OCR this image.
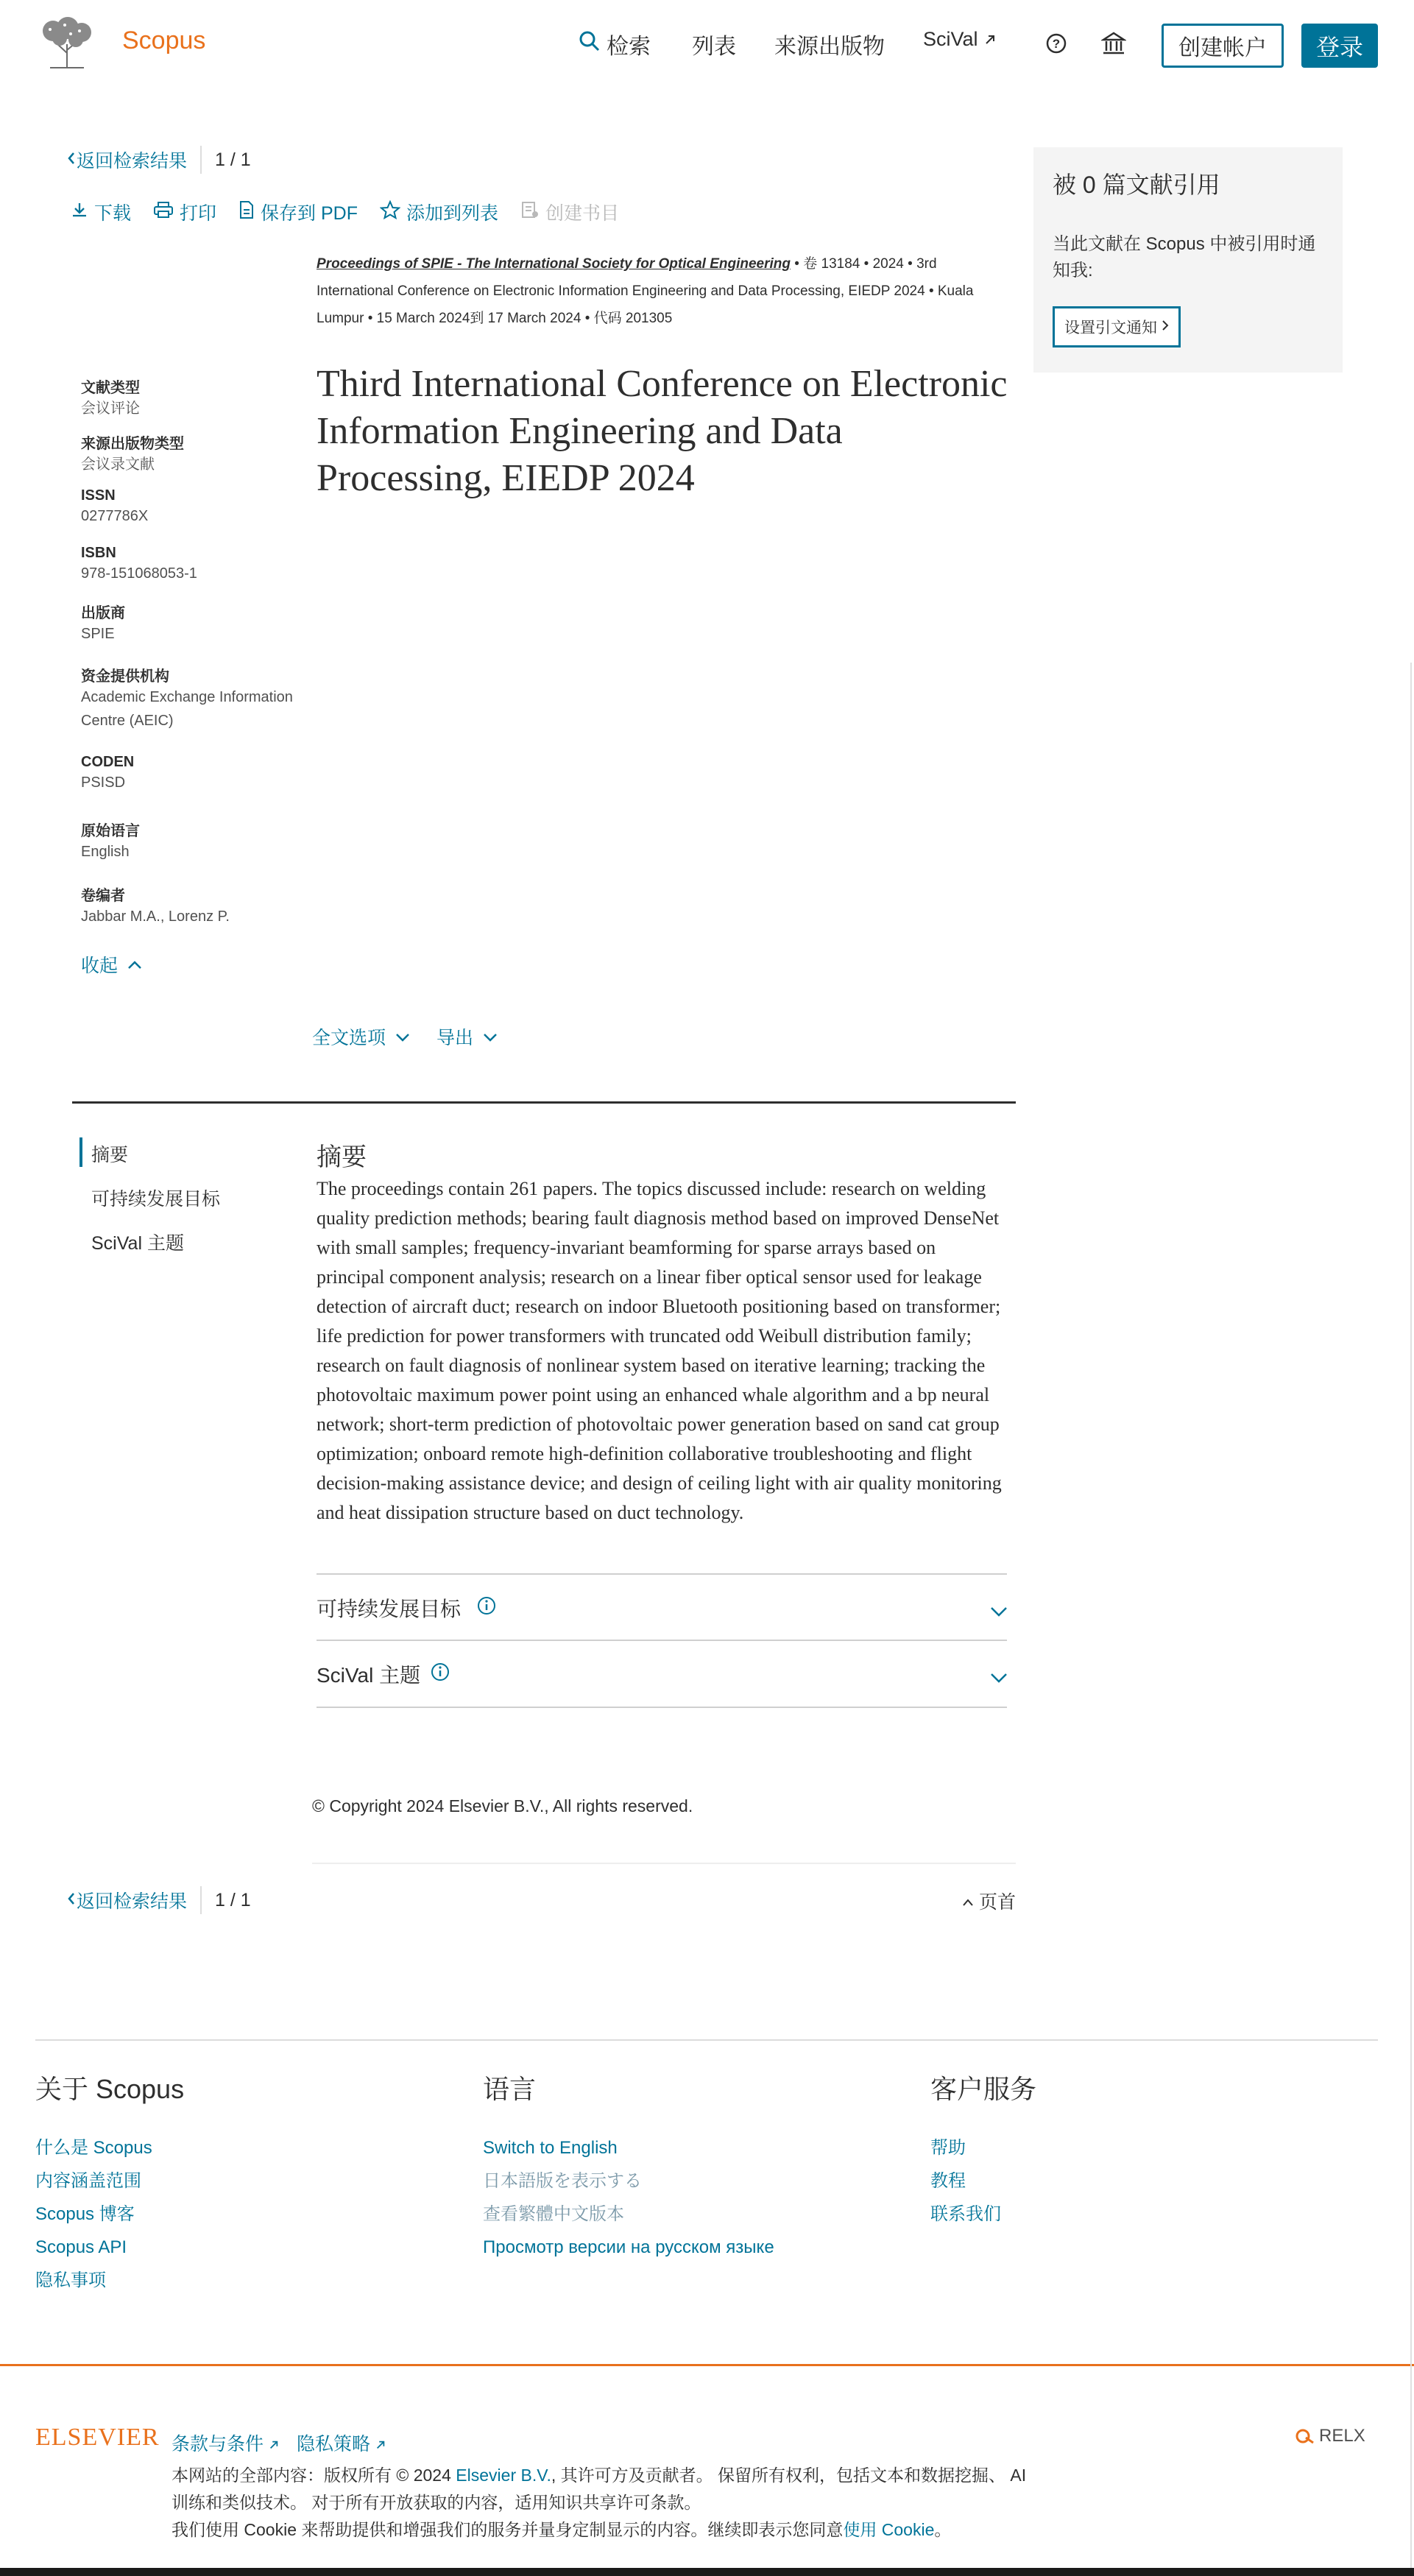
Scopus	检索 列表 来源出版物 SciVal	?	创建帐户	登录
返回检索结果 1 / 1
下载	打印 保存到 PDF	添加到列表	创建书目
Proceedings of SPIE - The International Society for Optical Engineering • 卷 13184 • 2024 • 3rd International Conference on Electronic Information Engineering and Data Processing, EIEDP 2024 • Kuala Lumpur • 15 March 2024到 17 March 2024 • 代码 201305
Third International Conference on Electronic Information Engineering and Data Processing, EIEDP 2024
文献类型
会议评论
来源出版物类型
会议录文献
ISSN
0277786X
ISBN
978-151068053-1
出版商
SPIE
资金提供机构
Academic Exchange Information Centre (AEIC)
CODEN
PSISD
原始语言
English
卷编者
Jabbar M.A., Lorenz P.
收起
全文选项	导出
被 0 篇文献引用
当此文献在 Scopus 中被引用时通知我:
设置引文通知
摘要
可持续发展目标
SciVal 主题
摘要
The proceedings contain 261 papers. The topics discussed include: research on welding quality prediction methods; bearing fault diagnosis method based on improved DenseNet with small samples; frequency-invariant beamforming for sparse arrays based on principal component analysis; research on a linear fiber optical sensor used for leakage detection of aircraft duct; research on indoor Bluetooth positioning based on transformer; life prediction for power transformers with truncated odd Weibull distribution family; research on fault diagnosis of nonlinear system based on iterative learning; tracking the photovoltaic maximum power point using an enhanced whale algorithm and a bp neural network; short-term prediction of photovoltaic power generation based on sand cat group optimization; onboard remote high-definition collaborative troubleshooting and flight decision-making assistance device; and design of ceiling light with air quality monitoring and heat dissipation structure based on duct technology.
可持续发展目标
SciVal 主题
© Copyright 2024 Elsevier B.V., All rights reserved.
返回检索结果 1 / 1	页首
关于 Scopus
什么是 Scopus
内容涵盖范围
Scopus 博客
Scopus API
隐私事项
语言
Switch to English
日本語版を表示する
查看繁體中文版本
Просмотр версии на русском языке
客户服务
帮助
教程
联系我们
ELSEVIER 条款与条件	隐私策略
本网站的全部内容：版权所有 © 2024 Elsevier B.V., 其许可方及贡献者。 保留所有权利，包括文本和数据挖掘、 AI 训练和类似技术。 对于所有开放获取的内容，适用知识共享许可条款。
我们使用 Cookie 来帮助提供和增强我们的服务并量身定制显示的内容。继续即表示您同意使用 Cookie。
RELX
